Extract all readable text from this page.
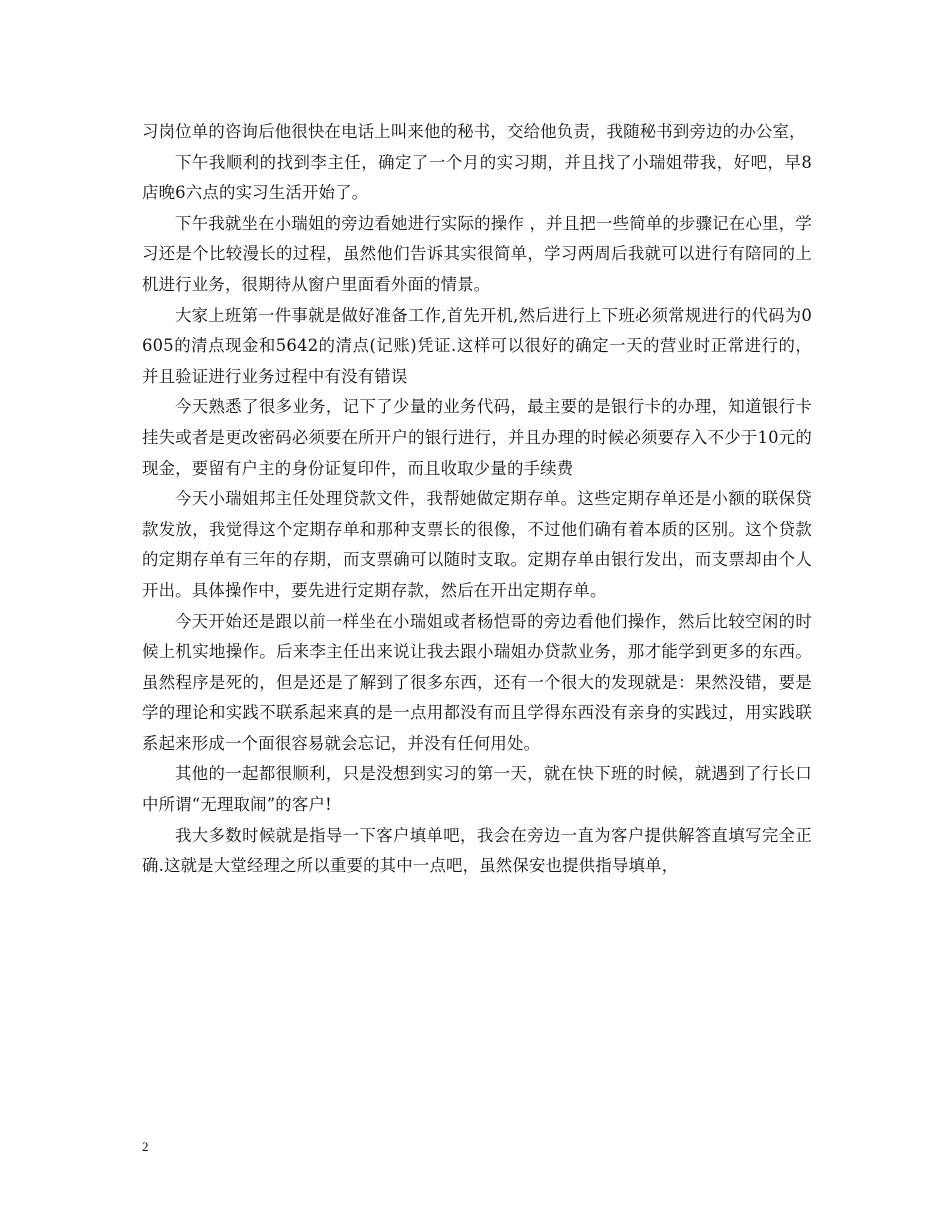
习岗位单的咨询后他很快在电话上叫来他的秘书，交给他负责，我随秘书到旁边的办公室，

下午我顺利的找到李主任，确定了一个月的实习期，并且找了小瑞姐带我，好吧，早8店晚6六点的实习生活开始了。

下午我就坐在小瑞姐的旁边看她进行实际的操作 ，并且把一些简单的步骤记在心里，学习还是个比较漫长的过程，虽然他们告诉其实很简单，学习两周后我就可以进行有陪同的上机进行业务，很期待从窗户里面看外面的情景。

大家上班第一件事就是做好准备工作,首先开机,然后进行上下班必须常规进行的代码为0605的清点现金和5642的清点(记账)凭证.这样可以很好的确定一天的营业时正常进行的，并且验证进行业务过程中有没有错误

今天熟悉了很多业务，记下了少量的业务代码，最主要的是银行卡的办理，知道银行卡挂失或者是更改密码必须要在所开户的银行进行，并且办理的时候必须要存入不少于10元的现金，要留有户主的身份证复印件，而且收取少量的手续费

今天小瑞姐邦主任处理贷款文件，我帮她做定期存单。这些定期存单还是小额的联保贷款发放，我觉得这个定期存单和那种支票长的很像，不过他们确有着本质的区别。这个贷款的定期存单有三年的存期，而支票确可以随时支取。定期存单由银行发出，而支票却由个人开出。具体操作中，要先进行定期存款，然后在开出定期存单。

今天开始还是跟以前一样坐在小瑞姐或者杨恺哥的旁边看他们操作，然后比较空闲的时候上机实地操作。后来李主任出来说让我去跟小瑞姐办贷款业务，那才能学到更多的东西。虽然程序是死的，但是还是了解到了很多东西，还有一个很大的发现就是：果然没错，要是学的理论和实践不联系起来真的是一点用都没有而且学得东西没有亲身的实践过，用实践联系起来形成一个面很容易就会忘记，并没有任何用处。

其他的一起都很顺利，只是没想到实习的第一天，就在快下班的时候，就遇到了行长口中所谓“无理取闹”的客户!

我大多数时候就是指导一下客户填单吧，我会在旁边一直为客户提供解答直填写完全正确.这就是大堂经理之所以重要的其中一点吧，虽然保安也提供指导填单，

2
